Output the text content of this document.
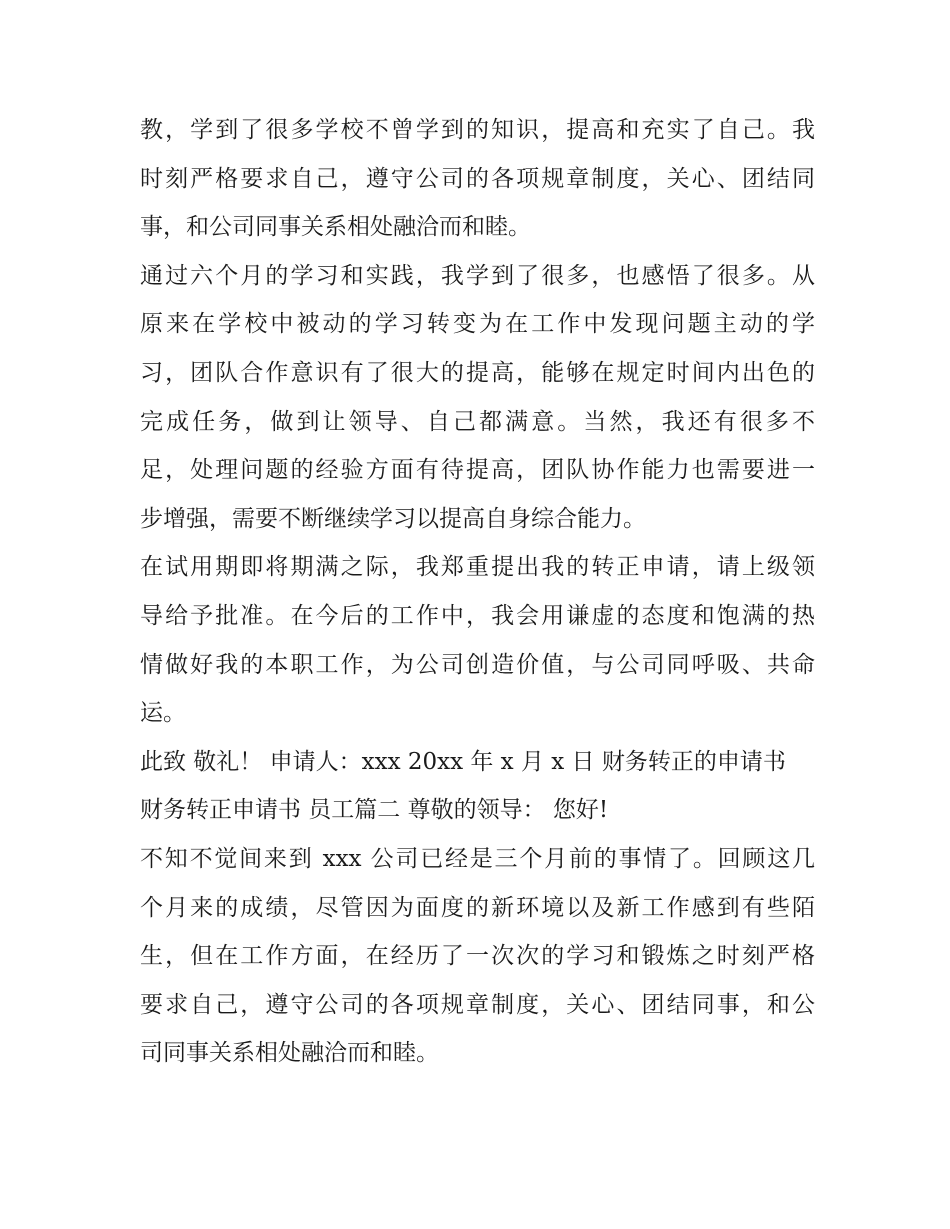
教，学到了很多学校不曾学到的知识，提高和充实了自己。我
时刻严格要求自己，遵守公司的各项规章制度，关心、团结同
事，和公司同事关系相处融洽而和睦。
通过六个月的学习和实践，我学到了很多，也感悟了很多。从
原来在学校中被动的学习转变为在工作中发现问题主动的学
习，团队合作意识有了很大的提高，能够在规定时间内出色的
完成任务，做到让领导、自己都满意。当然，我还有很多不
足，处理问题的经验方面有待提高，团队协作能力也需要进一
步增强，需要不断继续学习以提高自身综合能力。
在试用期即将期满之际，我郑重提出我的转正申请，请上级领
导给予批准。在今后的工作中，我会用谦虚的态度和饱满的热
情做好我的本职工作，为公司创造价值，与公司同呼吸、共命
运。
此致 敬礼！ 申请人：xxx 20xx 年 x 月 x 日 财务转正的申请书
财务转正申请书 员工篇二 尊敬的领导： 您好!
不知不觉间来到 xxx 公司已经是三个月前的事情了。回顾这几
个月来的成绩，尽管因为面度的新环境以及新工作感到有些陌
生，但在工作方面，在经历了一次次的学习和锻炼之时刻严格
要求自己，遵守公司的各项规章制度，关心、团结同事，和公
司同事关系相处融洽而和睦。
